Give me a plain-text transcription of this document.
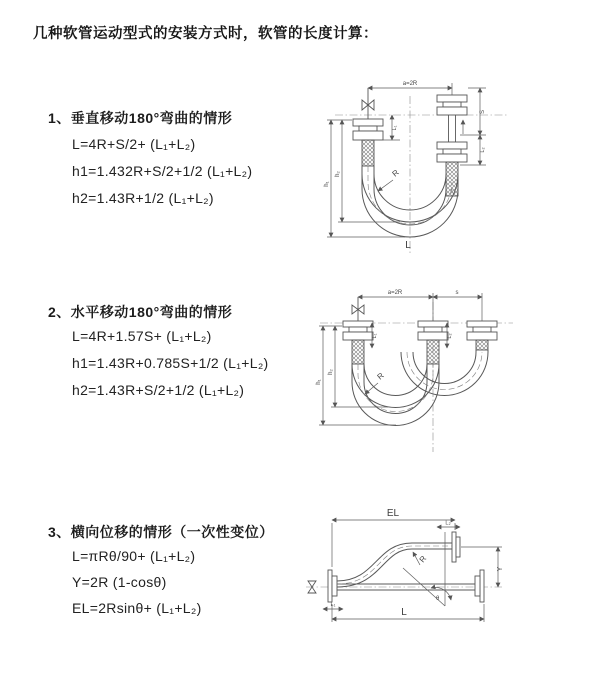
几种软管运动型式的安装方式时，软管的长度计算：
1、垂直移动180°弯曲的情形
L=4R+S/2+ (L₁+L₂)
h1=1.432R+S/2+1/2 (L₁+L₂)
h2=1.43R+1/2 (L₁+L₂)
2、水平移动180°弯曲的情形
L=4R+1.57S+ (L₁+L₂)
h1=1.43R+0.785S+1/2 (L₁+L₂)
h2=1.43R+S/2+1/2 (L₁+L₂)
3、横向位移的情形（一次性变位）
L=πRθ/90+ (L₁+L₂)
Y=2R (1-cosθ)
EL=2Rsinθ+ (L₁+L₂)
a=2R
h₁
h₂
L₁
S
L₂
R
L
a=2R	s
h₁
h₂
L₁	L₂
R
EL
L₂
θ
R
Y
L₁
L
